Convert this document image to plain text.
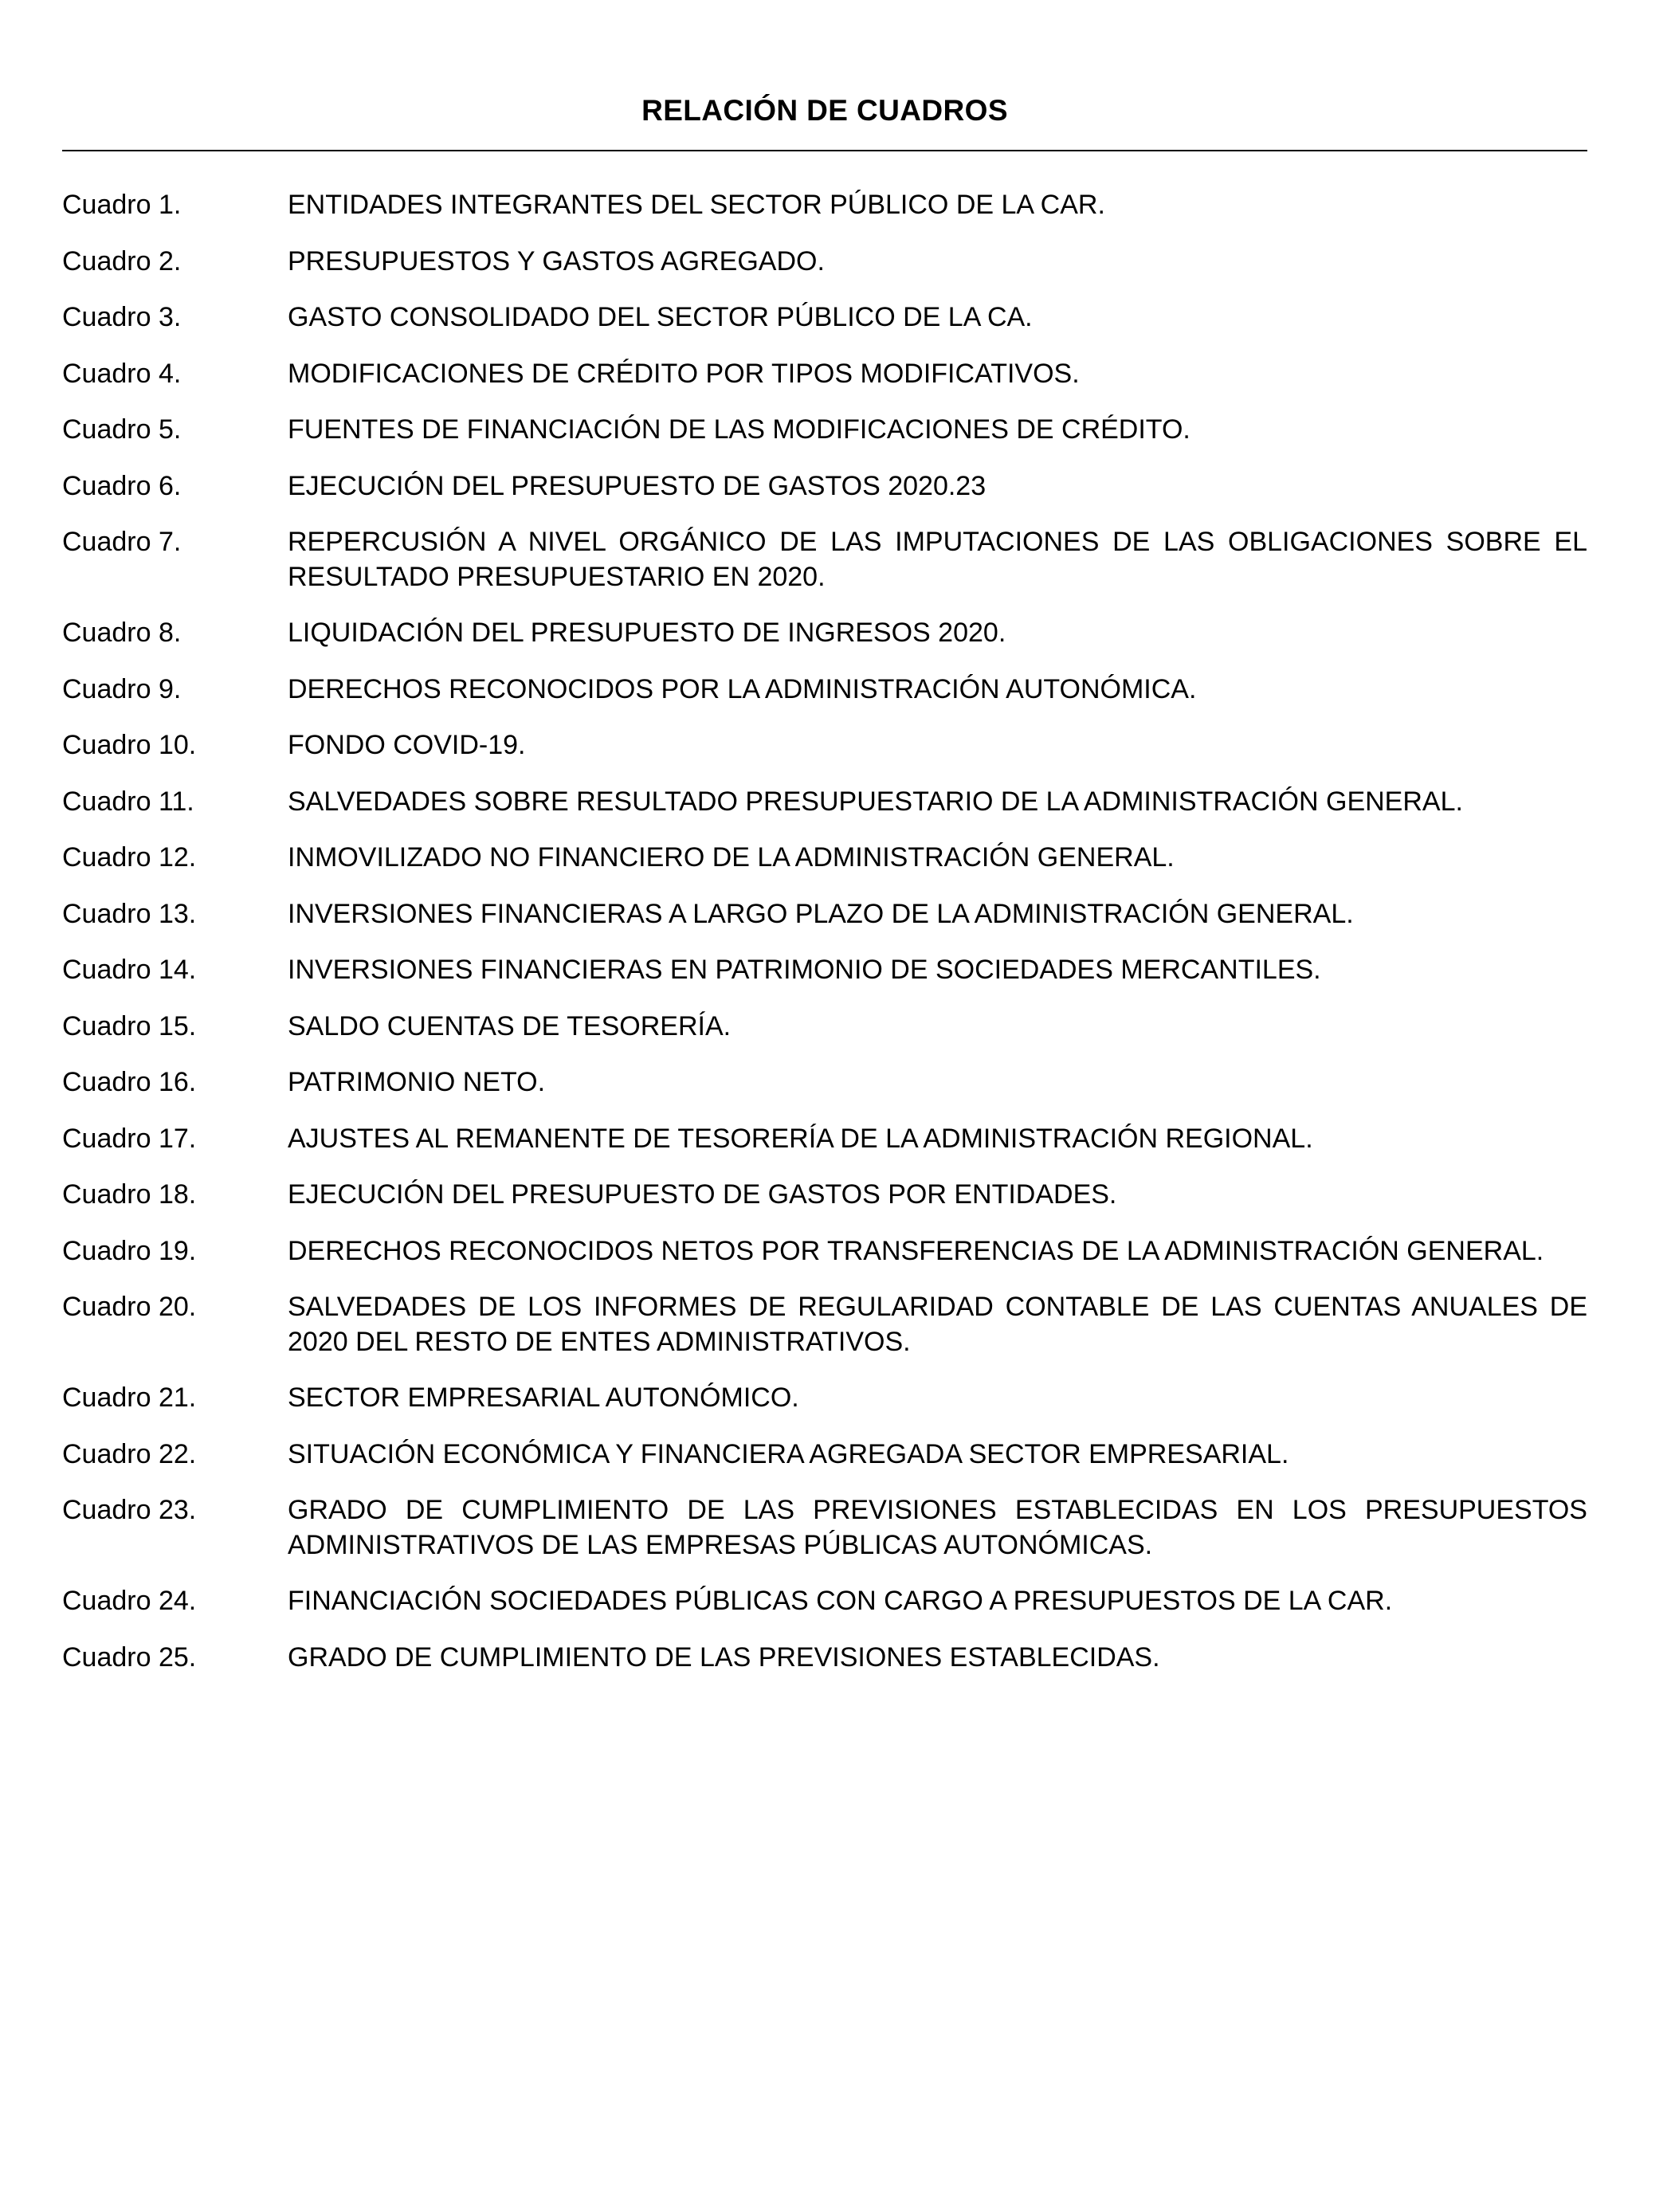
RELACIÓN DE CUADROS
Cuadro 1.	ENTIDADES INTEGRANTES DEL SECTOR PÚBLICO DE LA CAR.
Cuadro 2.	PRESUPUESTOS Y GASTOS AGREGADO.
Cuadro 3.	GASTO CONSOLIDADO DEL SECTOR PÚBLICO DE LA CA.
Cuadro 4.	MODIFICACIONES DE CRÉDITO POR TIPOS MODIFICATIVOS.
Cuadro 5.	FUENTES DE FINANCIACIÓN DE LAS MODIFICACIONES DE CRÉDITO.
Cuadro 6.	EJECUCIÓN DEL PRESUPUESTO DE GASTOS 2020.23
Cuadro 7.	REPERCUSIÓN A NIVEL ORGÁNICO DE LAS IMPUTACIONES DE LAS OBLIGACIONES SOBRE EL RESULTADO PRESUPUESTARIO EN 2020.
Cuadro 8.	LIQUIDACIÓN DEL PRESUPUESTO DE INGRESOS 2020.
Cuadro 9.	DERECHOS RECONOCIDOS POR LA ADMINISTRACIÓN AUTONÓMICA.
Cuadro 10.	FONDO COVID-19.
Cuadro 11.	SALVEDADES SOBRE RESULTADO PRESUPUESTARIO DE LA ADMINISTRACIÓN GENERAL.
Cuadro 12.	INMOVILIZADO NO FINANCIERO DE LA ADMINISTRACIÓN GENERAL.
Cuadro 13.	INVERSIONES FINANCIERAS A LARGO PLAZO DE LA ADMINISTRACIÓN GENERAL.
Cuadro 14.	INVERSIONES FINANCIERAS EN PATRIMONIO DE SOCIEDADES MERCANTILES.
Cuadro 15.	SALDO CUENTAS DE TESORERÍA.
Cuadro 16.	PATRIMONIO NETO.
Cuadro 17.	AJUSTES AL REMANENTE DE TESORERÍA DE LA ADMINISTRACIÓN REGIONAL.
Cuadro 18.	EJECUCIÓN DEL PRESUPUESTO DE GASTOS POR ENTIDADES.
Cuadro 19.	DERECHOS RECONOCIDOS NETOS POR TRANSFERENCIAS DE LA ADMINISTRACIÓN GENERAL.
Cuadro 20.	SALVEDADES DE LOS INFORMES DE REGULARIDAD CONTABLE DE LAS CUENTAS ANUALES DE 2020 DEL RESTO DE ENTES ADMINISTRATIVOS.
Cuadro 21.	SECTOR EMPRESARIAL AUTONÓMICO.
Cuadro 22.	SITUACIÓN ECONÓMICA Y FINANCIERA AGREGADA SECTOR EMPRESARIAL.
Cuadro 23.	GRADO DE CUMPLIMIENTO DE LAS PREVISIONES ESTABLECIDAS EN LOS PRESUPUESTOS ADMINISTRATIVOS DE LAS EMPRESAS PÚBLICAS AUTONÓMICAS.
Cuadro 24.	FINANCIACIÓN SOCIEDADES PÚBLICAS CON CARGO A PRESUPUESTOS DE LA CAR.
Cuadro 25.	GRADO DE CUMPLIMIENTO DE LAS PREVISIONES ESTABLECIDAS.
